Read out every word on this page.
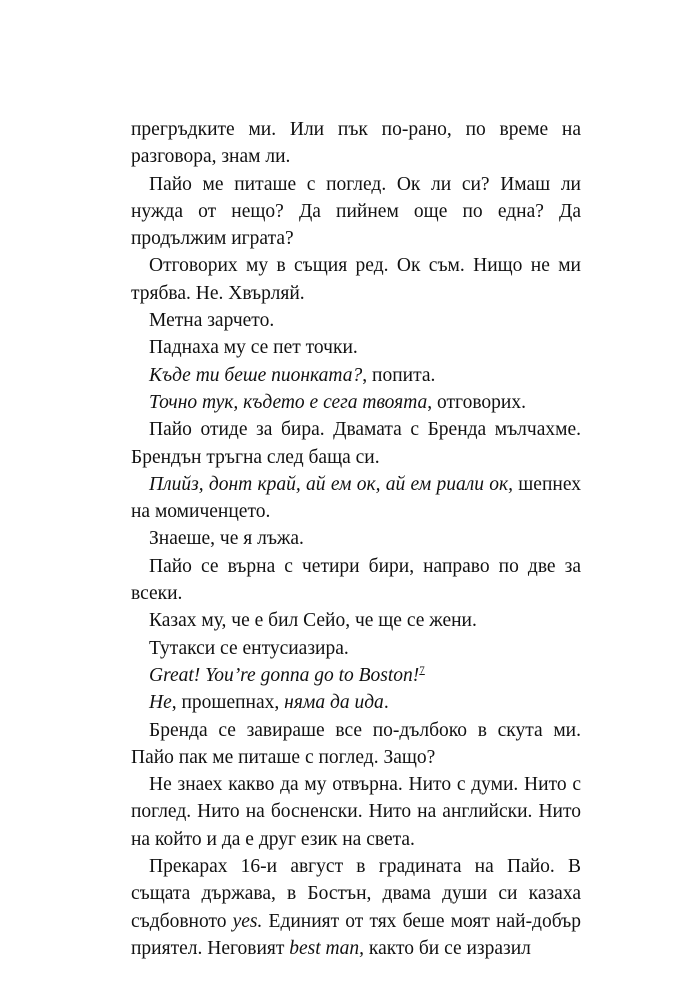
прегръдките ми. Или пък по-рано, по време на разговора, знам ли.

Пайо ме питаше с поглед. Ок ли си? Имаш ли нужда от нещо? Да пийнем още по една? Да продължим играта?

Отговорих му в същия ред. Ок съм. Нищо не ми трябва. Не. Хвърляй.

Метна зарчето.

Паднаха му се пет точки.

Къде ти беше пионката?, попита.

Точно тук, където е сега твоята, отговорих.

Пайо отиде за бира. Двамата с Бренда мълчахме. Брендън тръгна след баща си.

Плийз, донт край, ай ем ок, ай ем риали ок, шепнех на момиченцето.

Знаеше, че я лъжа.

Пайо се върна с четири бири, направо по две за всеки.

Казах му, че е бил Сейо, че ще се жени.

Тутакси се ентусиазира.

Great! You’re gonna go to Boston!$^7$

Не, прошепнах, няма да ида.

Бренда се завираше все по-дълбоко в скута ми. Пайо пак ме питаше с поглед. Защо?

Не знаех какво да му отвърна. Нито с думи. Нито с поглед. Нито на босненски. Нито на английски. Нито на който и да е друг език на света.

Прекарах 16-и август в градината на Пайо. В същата държава, в Бостън, двама души си казаха съдбовното yes. Единият от тях беше моят най-добър приятел. Неговият best man, както би се изразил
